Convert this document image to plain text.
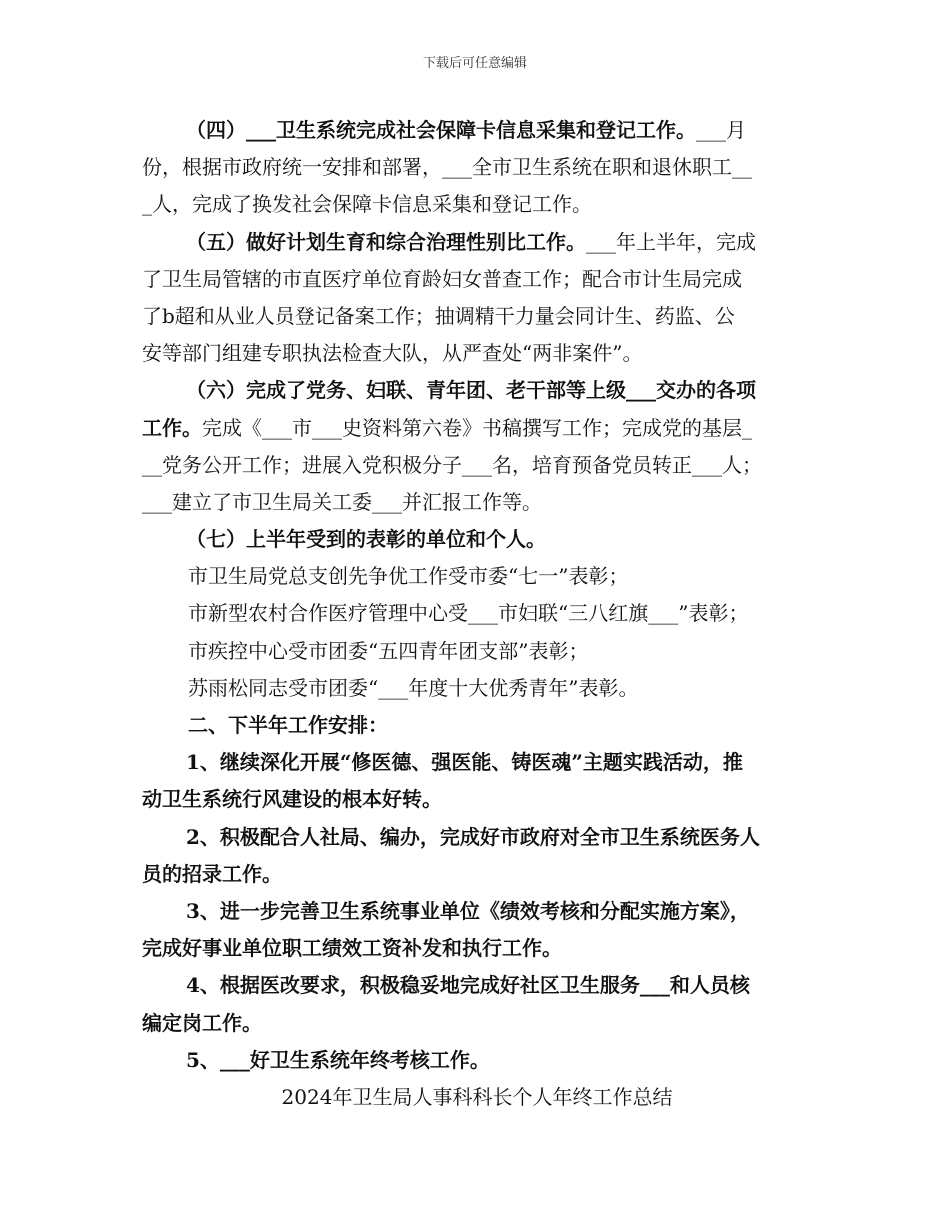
下载后可任意编辑
（四）___卫生系统完成社会保障卡信息采集和登记工作。___月
份，根据市政府统一安排和部署，___全市卫生系统在职和退休职工__
_人，完成了换发社会保障卡信息采集和登记工作。
（五）做好计划生育和综合治理性别比工作。___年上半年，完成
了卫生局管辖的市直医疗单位育龄妇女普查工作；配合市计生局完成
了b超和从业人员登记备案工作；抽调精干力量会同计生、药监、公
安等部门组建专职执法检查大队，从严查处“两非案件”。
（六）完成了党务、妇联、青年团、老干部等上级___交办的各项
工作。完成《___市___史资料第六卷》书稿撰写工作；完成党的基层_
__党务公开工作；进展入党积极分子___名，培育预备党员转正___人；
___建立了市卫生局关工委___并汇报工作等。
（七）上半年受到的表彰的单位和个人。
市卫生局党总支创先争优工作受市委“七一”表彰；
市新型农村合作医疗管理中心受___市妇联“三八红旗___”表彰；
市疾控中心受市团委“五四青年团支部”表彰；
苏雨松同志受市团委“___年度十大优秀青年”表彰。
二、下半年工作安排：
1、继续深化开展“修医德、强医能、铸医魂”主题实践活动，推
动卫生系统行风建设的根本好转。
2、积极配合人社局、编办，完成好市政府对全市卫生系统医务人
员的招录工作。
3、进一步完善卫生系统事业单位《绩效考核和分配实施方案》，
完成好事业单位职工绩效工资补发和执行工作。
4、根据医改要求，积极稳妥地完成好社区卫生服务___和人员核
编定岗工作。
5、___好卫生系统年终考核工作。
2024年卫生局人事科科长个人年终工作总结
